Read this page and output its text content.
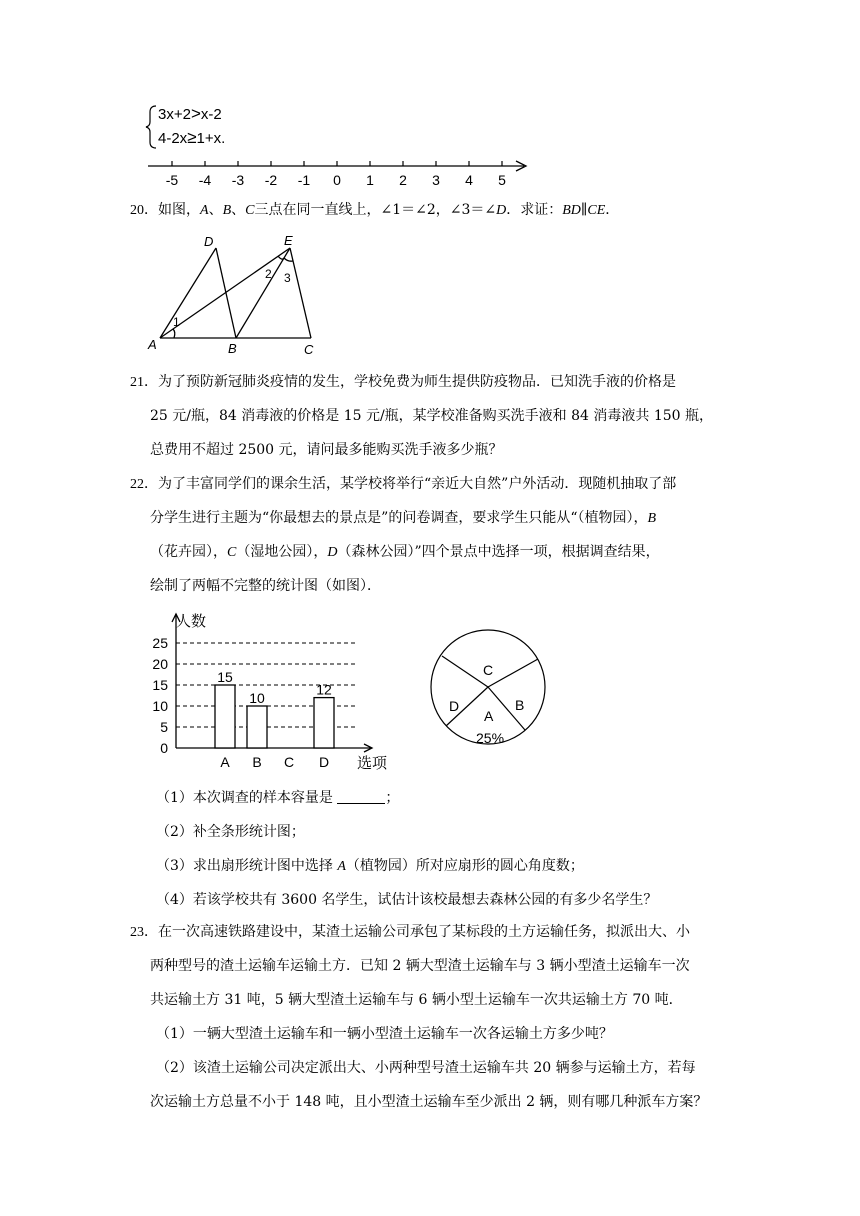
3x+2>x-2
4-2x≥1+x.
-5 -4 -3 -2 -1 0 1 2 3 4 5
20．如图，A、B、C三点在同一直线上，∠1＝∠2，∠3＝∠D．求证：BD∥CE．
D	E
A	B	C
1
2 3
21．为了预防新冠肺炎疫情的发生，学校免费为师生提供防疫物品．已知洗手液的价格是
25 元/瓶，84 消毒液的价格是 15 元/瓶，某学校准备购买洗手液和 84 消毒液共 150 瓶，
总费用不超过 2500 元，请问最多能购买洗手液多少瓶？
22．为了丰富同学们的课余生活，某学校将举行“亲近大自然”户外活动．现随机抽取了部
分学生进行主题为“你最想去的景点是”的问卷调查，要求学生只能从“（植物园），B
（花卉园），C（湿地公园），D（森林公园）”四个景点中选择一项，根据调查结果，
绘制了两幅不完整的统计图（如图）．
人数
选项
0
5
10
15
20
25
15
A
10
B C
12
D
C
D
A
25%
B
（1）本次调查的样本容量是	；
（2）补全条形统计图；
（3）求出扇形统计图中选择 A（植物园）所对应扇形的圆心角度数；
（4）若该学校共有 3600 名学生，试估计该校最想去森林公园的有多少名学生？
23．在一次高速铁路建设中，某渣土运输公司承包了某标段的土方运输任务，拟派出大、小
两种型号的渣土运输车运输土方．已知 2 辆大型渣土运输车与 3 辆小型渣土运输车一次
共运输土方 31 吨，5 辆大型渣土运输车与 6 辆小型土运输车一次共运输土方 70 吨．
（1）一辆大型渣土运输车和一辆小型渣土运输车一次各运输土方多少吨？
（2）该渣土运输公司决定派出大、小两种型号渣土运输车共 20 辆参与运输土方，若每
次运输土方总量不小于 148 吨，且小型渣土运输车至少派出 2 辆，则有哪几种派车方案？
